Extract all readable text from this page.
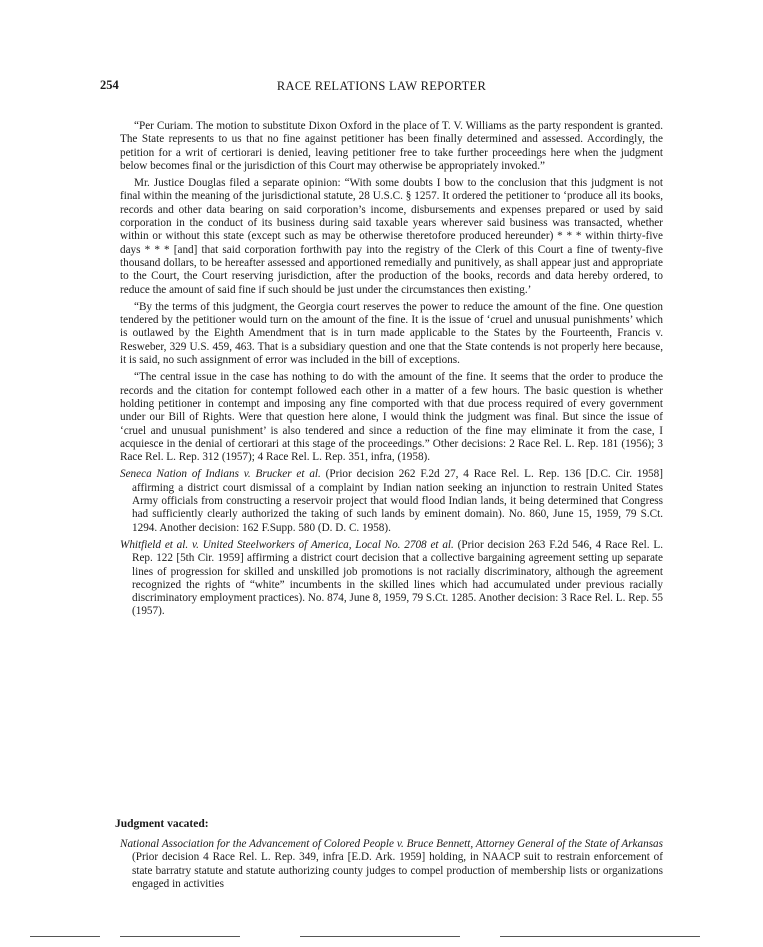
254	RACE RELATIONS LAW REPORTER

“Per Curiam. The motion to substitute Dixon Oxford in the place of T. V. Williams as the party respondent is granted. The State represents to us that no fine against petitioner has been finally determined and assessed. Accordingly, the petition for a writ of certiorari is denied, leaving petitioner free to take further proceedings here when the judgment below becomes final or the jurisdiction of this Court may otherwise be appropriately invoked.”

Mr. Justice Douglas filed a separate opinion: “With some doubts I bow to the conclusion that this judgment is not final within the meaning of the jurisdictional statute, 28 U.S.C. § 1257. It ordered the petitioner to ‘produce all its books, records and other data bearing on said corporation’s income, disbursements and expenses prepared or used by said corporation in the conduct of its business during said taxable years wherever said business was transacted, whether within or without this state (except such as may be otherwise theretofore produced hereunder) * * * within thirty-five days * * * [and] that said corporation forthwith pay into the registry of the Clerk of this Court a fine of twenty-five thousand dollars, to be hereafter assessed and apportioned remedially and punitively, as shall appear just and appropriate to the Court, the Court reserving jurisdiction, after the production of the books, records and data hereby ordered, to reduce the amount of said fine if such should be just under the circumstances then existing.’

“By the terms of this judgment, the Georgia court reserves the power to reduce the amount of the fine. One question tendered by the petitioner would turn on the amount of the fine. It is the issue of ‘cruel and unusual punishments’ which is outlawed by the Eighth Amendment that is in turn made applicable to the States by the Fourteenth, Francis v. Resweber, 329 U.S. 459, 463. That is a subsidiary question and one that the State contends is not properly here because, it is said, no such assignment of error was included in the bill of exceptions.

“The central issue in the case has nothing to do with the amount of the fine. It seems that the order to produce the records and the citation for contempt followed each other in a matter of a few hours. The basic question is whether holding petitioner in contempt and imposing any fine comported with that due process required of every government under our Bill of Rights. Were that question here alone, I would think the judgment was final. But since the issue of ‘cruel and unusual punishment’ is also tendered and since a reduction of the fine may eliminate it from the case, I acquiesce in the denial of certiorari at this stage of the proceedings.” Other decisions: 2 Race Rel. L. Rep. 181 (1956); 3 Race Rel. L. Rep. 312 (1957); 4 Race Rel. L. Rep. 351, infra, (1958).

Seneca Nation of Indians v. Brucker et al. (Prior decision 262 F.2d 27, 4 Race Rel. L. Rep. 136 [D.C. Cir. 1958] affirming a district court dismissal of a complaint by Indian nation seeking an injunction to restrain United States Army officials from constructing a reservoir project that would flood Indian lands, it being determined that Congress had sufficiently clearly authorized the taking of such lands by eminent domain). No. 860, June 15, 1959, 79 S.Ct. 1294. Another decision: 162 F.Supp. 580 (D. D. C. 1958).

Whitfield et al. v. United Steelworkers of America, Local No. 2708 et al. (Prior decision 263 F.2d 546, 4 Race Rel. L. Rep. 122 [5th Cir. 1959] affirming a district court decision that a collective bargaining agreement setting up separate lines of progression for skilled and unskilled job promotions is not racially discriminatory, although the agreement recognized the rights of “white” incumbents in the skilled lines which had accumulated under previous racially discriminatory employment practices). No. 874, June 8, 1959, 79 S.Ct. 1285. Another decision: 3 Race Rel. L. Rep. 55 (1957).

Judgment vacated:

National Association for the Advancement of Colored People v. Bruce Bennett, Attorney General of the State of Arkansas (Prior decision 4 Race Rel. L. Rep. 349, infra [E.D. Ark. 1959] holding, in NAACP suit to restrain enforcement of state barratry statute and statute authorizing county judges to compel production of membership lists or organizations engaged in activities
